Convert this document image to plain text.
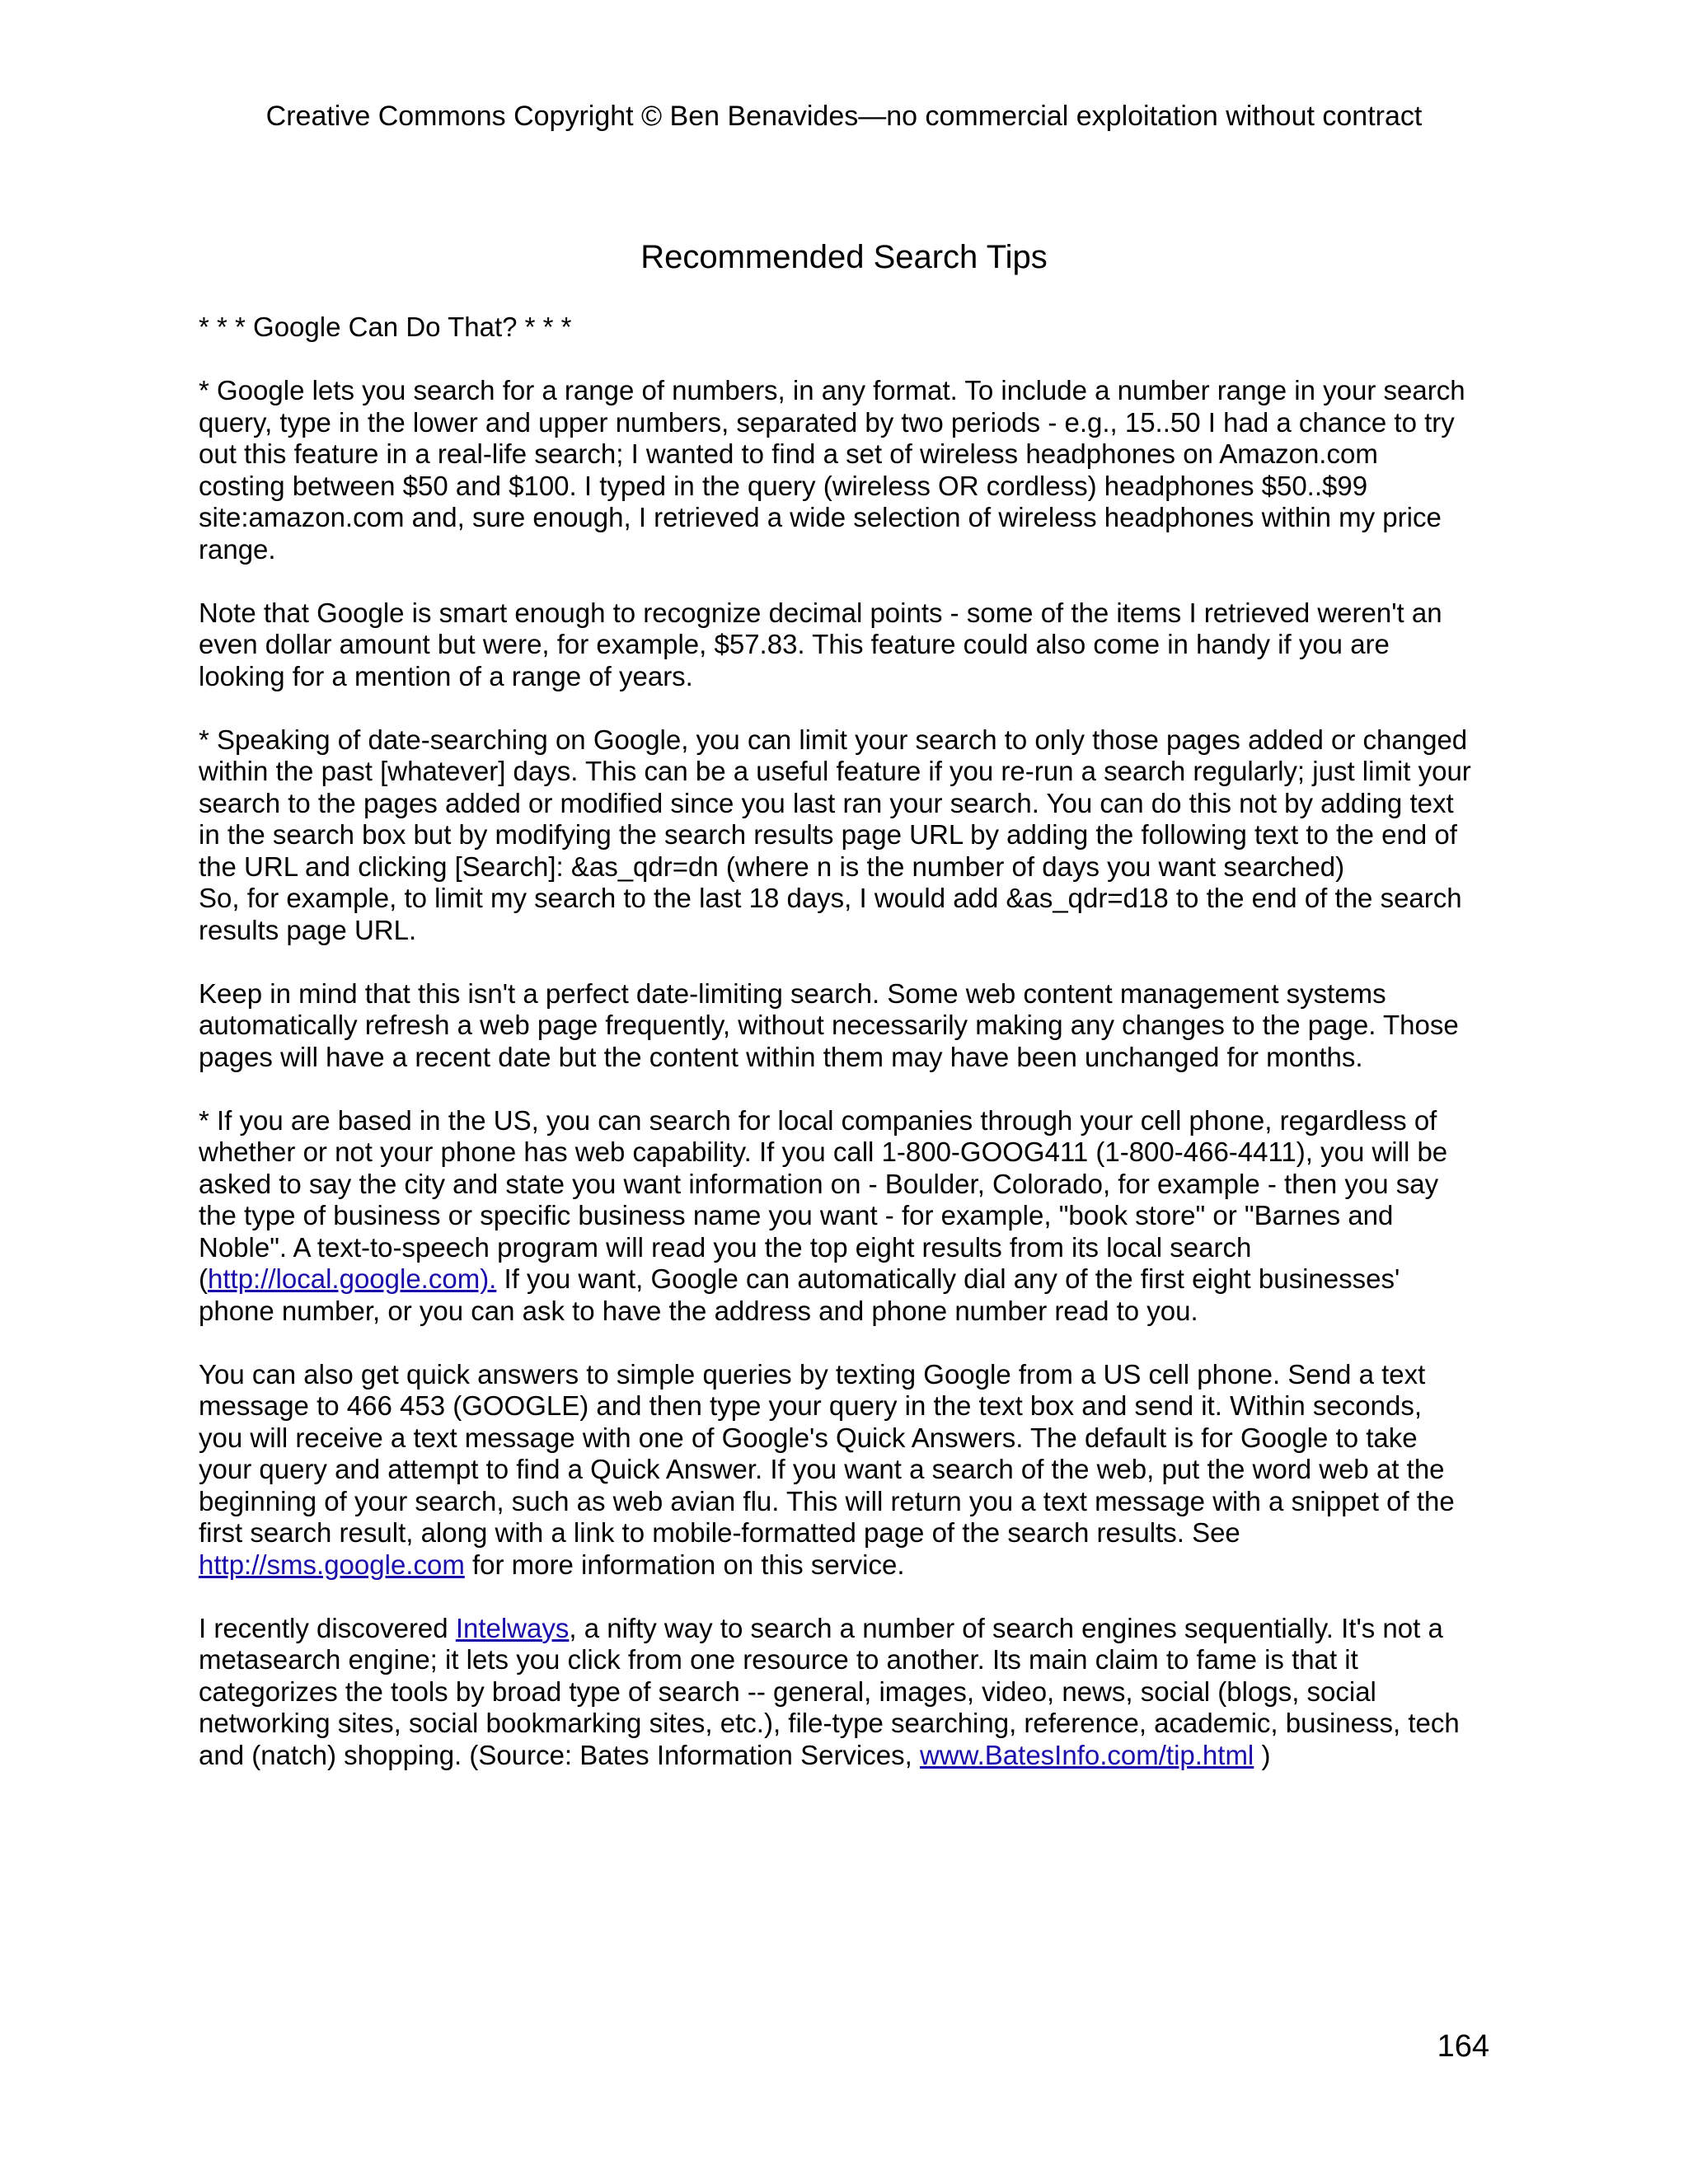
Creative Commons Copyright © Ben Benavides—no commercial exploitation without contract
Recommended Search Tips

* * * Google Can Do That? * * *

* Google lets you search for a range of numbers, in any format. To include a number range in your search
query, type in the lower and upper numbers, separated by two periods - e.g., 15..50 I had a chance to try
out this feature in a real-life search; I wanted to find a set of wireless headphones on Amazon.com
costing between $50 and $100. I typed in the query (wireless OR cordless) headphones $50..$99
site:amazon.com and, sure enough, I retrieved a wide selection of wireless headphones within my price
range.

Note that Google is smart enough to recognize decimal points - some of the items I retrieved weren't an
even dollar amount but were, for example, $57.83. This feature could also come in handy if you are
looking for a mention of a range of years.

* Speaking of date-searching on Google, you can limit your search to only those pages added or changed
within the past [whatever] days. This can be a useful feature if you re-run a search regularly; just limit your
search to the pages added or modified since you last ran your search. You can do this not by adding text
in the search box but by modifying the search results page URL by adding the following text to the end of
the URL and clicking [Search]: &as_qdr=dn (where n is the number of days you want searched)
So, for example, to limit my search to the last 18 days, I would add &as_qdr=d18 to the end of the search
results page URL.

Keep in mind that this isn't a perfect date-limiting search. Some web content management systems
automatically refresh a web page frequently, without necessarily making any changes to the page. Those
pages will have a recent date but the content within them may have been unchanged for months.

* If you are based in the US, you can search for local companies through your cell phone, regardless of
whether or not your phone has web capability. If you call 1-800-GOOG411 (1-800-466-4411), you will be
asked to say the city and state you want information on - Boulder, Colorado, for example - then you say
the type of business or specific business name you want - for example, "book store" or "Barnes and
Noble". A text-to-speech program will read you the top eight results from its local search
(http://local.google.com). If you want, Google can automatically dial any of the first eight businesses'
phone number, or you can ask to have the address and phone number read to you.

You can also get quick answers to simple queries by texting Google from a US cell phone. Send a text
message to 466 453 (GOOGLE) and then type your query in the text box and send it. Within seconds,
you will receive a text message with one of Google's Quick Answers. The default is for Google to take
your query and attempt to find a Quick Answer. If you want a search of the web, put the word web at the
beginning of your search, such as web avian flu. This will return you a text message with a snippet of the
first search result, along with a link to mobile-formatted page of the search results. See
http://sms.google.com for more information on this service.

I recently discovered Intelways, a nifty way to search a number of search engines sequentially. It's not a
metasearch engine; it lets you click from one resource to another. Its main claim to fame is that it
categorizes the tools by broad type of search -- general, images, video, news, social (blogs, social
networking sites, social bookmarking sites, etc.), file-type searching, reference, academic, business, tech
and (natch) shopping. (Source: Bates Information Services, www.BatesInfo.com/tip.html )

164
